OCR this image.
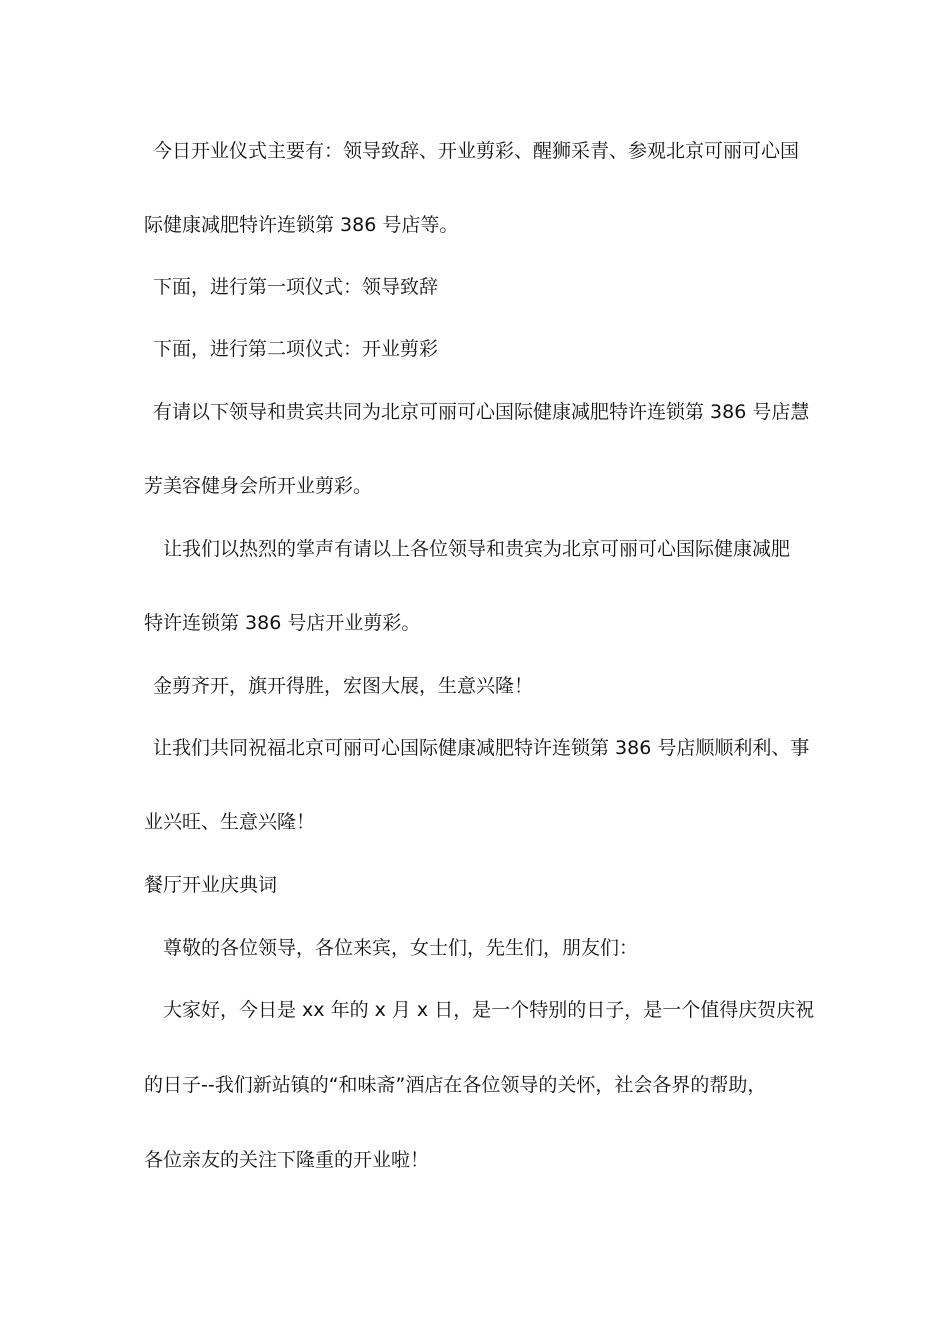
今日开业仪式主要有：领导致辞、开业剪彩、醒狮采青、参观北京可丽可心国
际健康减肥特许连锁第 386 号店等。
下面，进行第一项仪式：领导致辞
下面，进行第二项仪式：开业剪彩
有请以下领导和贵宾共同为北京可丽可心国际健康减肥特许连锁第 386 号店慧
芳美容健身会所开业剪彩。
让我们以热烈的掌声有请以上各位领导和贵宾为北京可丽可心国际健康减肥
特许连锁第 386 号店开业剪彩。
金剪齐开，旗开得胜，宏图大展，生意兴隆！
让我们共同祝福北京可丽可心国际健康减肥特许连锁第 386 号店顺顺利利、事
业兴旺、生意兴隆！
餐厅开业庆典词
尊敬的各位领导，各位来宾，女士们，先生们，朋友们：
大家好，今日是 xx 年的 x 月 x 日，是一个特别的日子，是一个值得庆贺庆祝
的日子--我们新站镇的“和味斋”酒店在各位领导的关怀，社会各界的帮助，
各位亲友的关注下隆重的开业啦！
